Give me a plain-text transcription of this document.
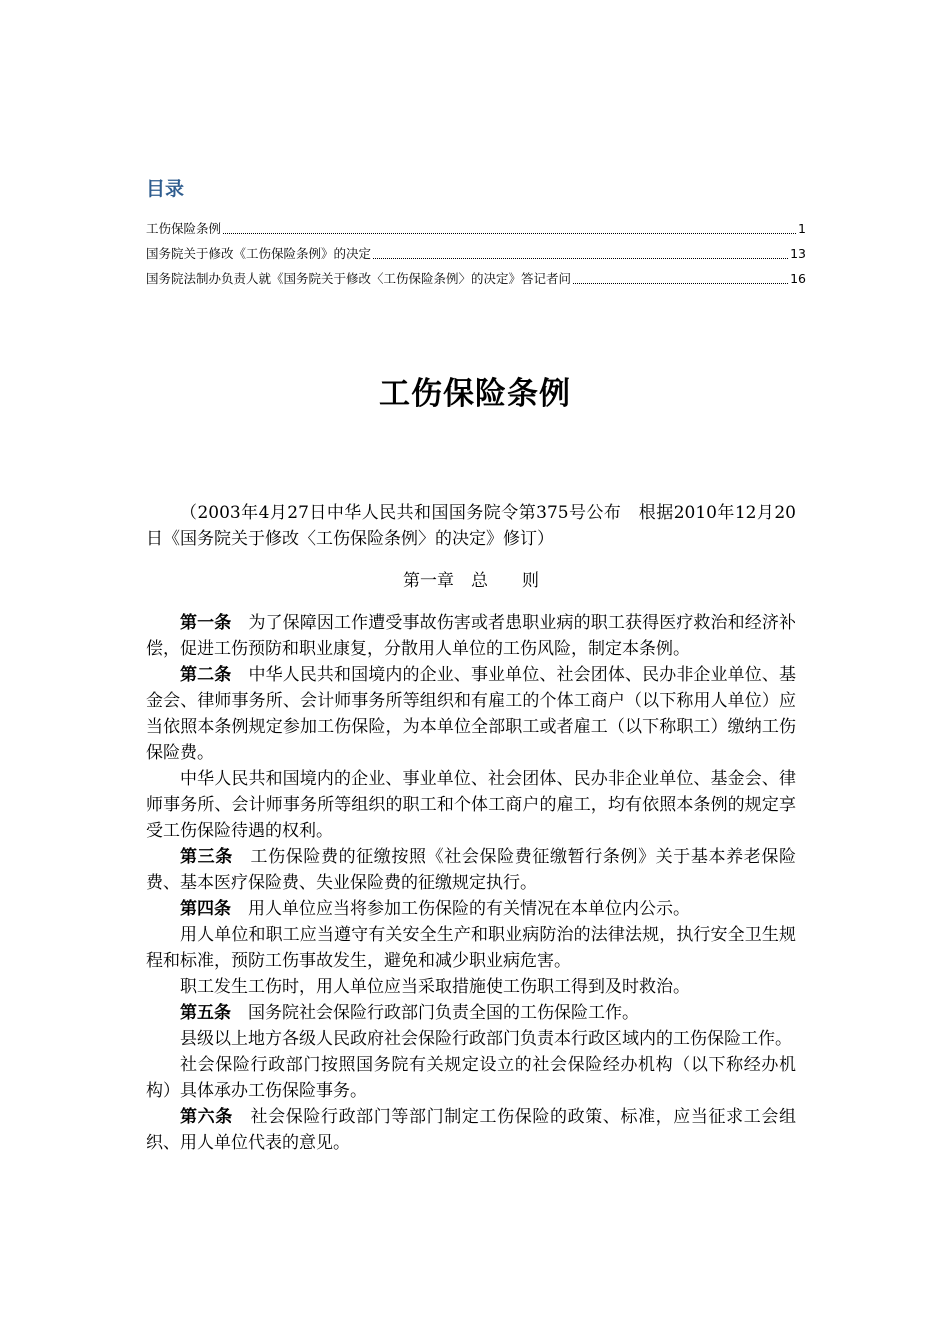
目录
工伤保险条例	1
国务院关于修改《工伤保险条例》的决定	13
国务院法制办负责人就《国务院关于修改〈工伤保险条例〉的决定》答记者问	16
工伤保险条例

（2003年4月27日中华人民共和国国务院令第375号公布　根据2010年12月20日《国务院关于修改〈工伤保险条例〉的决定》修订）

第一章　总　　则

第一条 为了保障因工作遭受事故伤害或者患职业病的职工获得医疗救治和经济补偿，促进工伤预防和职业康复，分散用人单位的工伤风险，制定本条例。

第二条 中华人民共和国境内的企业、事业单位、社会团体、民办非企业单位、基金会、律师事务所、会计师事务所等组织和有雇工的个体工商户（以下称用人单位）应当依照本条例规定参加工伤保险，为本单位全部职工或者雇工（以下称职工）缴纳工伤保险费。

中华人民共和国境内的企业、事业单位、社会团体、民办非企业单位、基金会、律师事务所、会计师事务所等组织的职工和个体工商户的雇工，均有依照本条例的规定享受工伤保险待遇的权利。

第三条 工伤保险费的征缴按照《社会保险费征缴暂行条例》关于基本养老保险费、基本医疗保险费、失业保险费的征缴规定执行。

第四条 用人单位应当将参加工伤保险的有关情况在本单位内公示。

用人单位和职工应当遵守有关安全生产和职业病防治的法律法规，执行安全卫生规程和标准，预防工伤事故发生，避免和减少职业病危害。

职工发生工伤时，用人单位应当采取措施使工伤职工得到及时救治。

第五条 国务院社会保险行政部门负责全国的工伤保险工作。

县级以上地方各级人民政府社会保险行政部门负责本行政区域内的工伤保险工作。

社会保险行政部门按照国务院有关规定设立的社会保险经办机构（以下称经办机构）具体承办工伤保险事务。

第六条 社会保险行政部门等部门制定工伤保险的政策、标准，应当征求工会组织、用人单位代表的意见。
